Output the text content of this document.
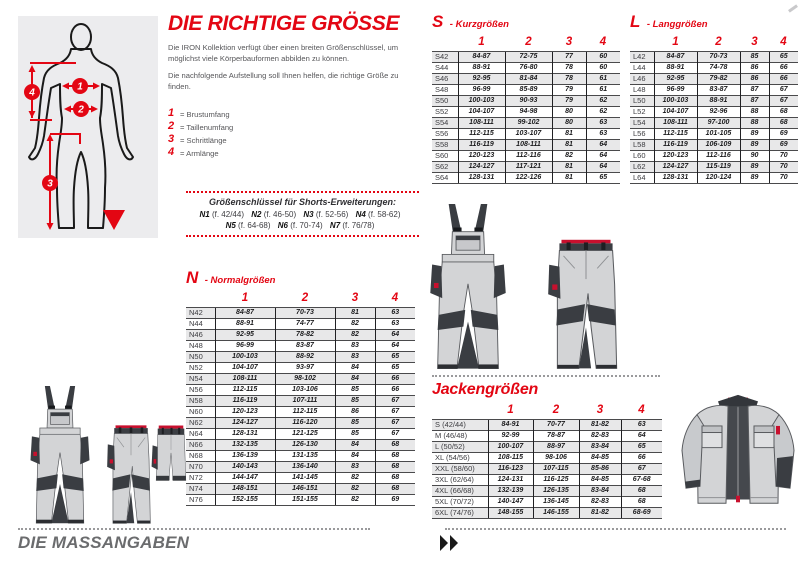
1
2
4
3
DIE RICHTIGE GRÖSSE

Die IRON Kollektion verfügt über einen breiten Größenschlüssel, um möglichst viele Körperbauformen abbilden zu können.

Die nachfolgende Aufstellung soll Ihnen helfen, die richtige Größe zu finden.

1 = Brustumfang
2 = Taillenumfang
3 = Schrittlänge
4 = Armlänge
Größenschlüssel für Shorts-Erweiterungen:
N1 (f. 42/44) N2 (f. 46-50) N3 (f. 52-56) N4 (f. 58-62)
N5 (f. 64-68) N6 (f. 70-74) N7 (f. 76/78)
S - Kurzgrößen
	1	2	3	4
S42	84-87	72-75	77	60
S44	88-91	76-80	78	60
S46	92-95	81-84	78	61
S48	96-99	85-89	79	61
S50	100-103	90-93	79	62
S52	104-107	94-98	80	62
S54	108-111	99-102	80	63
S56	112-115	103-107	81	63
S58	116-119	108-111	81	64
S60	120-123	112-116	82	64
S62	124-127	117-121	81	64
S64	128-131	122-126	81	65
L - Langgrößen
	1	2	3	4
L42	84-87	70-73	85	65
L44	88-91	74-78	86	66
L46	92-95	79-82	86	66
L48	96-99	83-87	87	67
L50	100-103	88-91	87	67
L52	104-107	92-96	88	68
L54	108-111	97-100	88	68
L56	112-115	101-105	89	69
L58	116-119	106-109	89	69
L60	120-123	112-116	90	70
L62	124-127	115-119	89	70
L64	128-131	120-124	89	70
N - Normalgrößen
	1	2	3	4
N42	84-87	70-73	81	63
N44	88-91	74-77	82	63
N46	92-95	78-82	82	64
N48	96-99	83-87	83	64
N50	100-103	88-92	83	65
N52	104-107	93-97	84	65
N54	108-111	98-102	84	66
N56	112-115	103-106	85	66
N58	116-119	107-111	85	67
N60	120-123	112-115	86	67
N62	124-127	116-120	85	67
N64	128-131	121-125	85	67
N66	132-135	126-130	84	68
N68	136-139	131-135	84	68
N70	140-143	136-140	83	68
N72	144-147	141-145	82	68
N74	148-151	146-151	82	68
N76	152-155	151-155	82	69
Jackengrößen
	1	2	3	4
S (42/44)	84-91	70-77	81-82	63
M (46/48)	92-99	78-87	82-83	64
L (50/52)	100-107	88-97	83-84	65
XL (54/56)	108-115	98-106	84-85	66
XXL (58/60)	116-123	107-115	85-86	67
3XL (62/64)	124-131	116-125	84-85	67-68
4XL (66/68)	132-139	126-135	83-84	68
5XL (70/72)	140-147	136-145	82-83	68
6XL (74/76)	148-155	146-155	81-82	68-69
DIE MASSANGABEN
